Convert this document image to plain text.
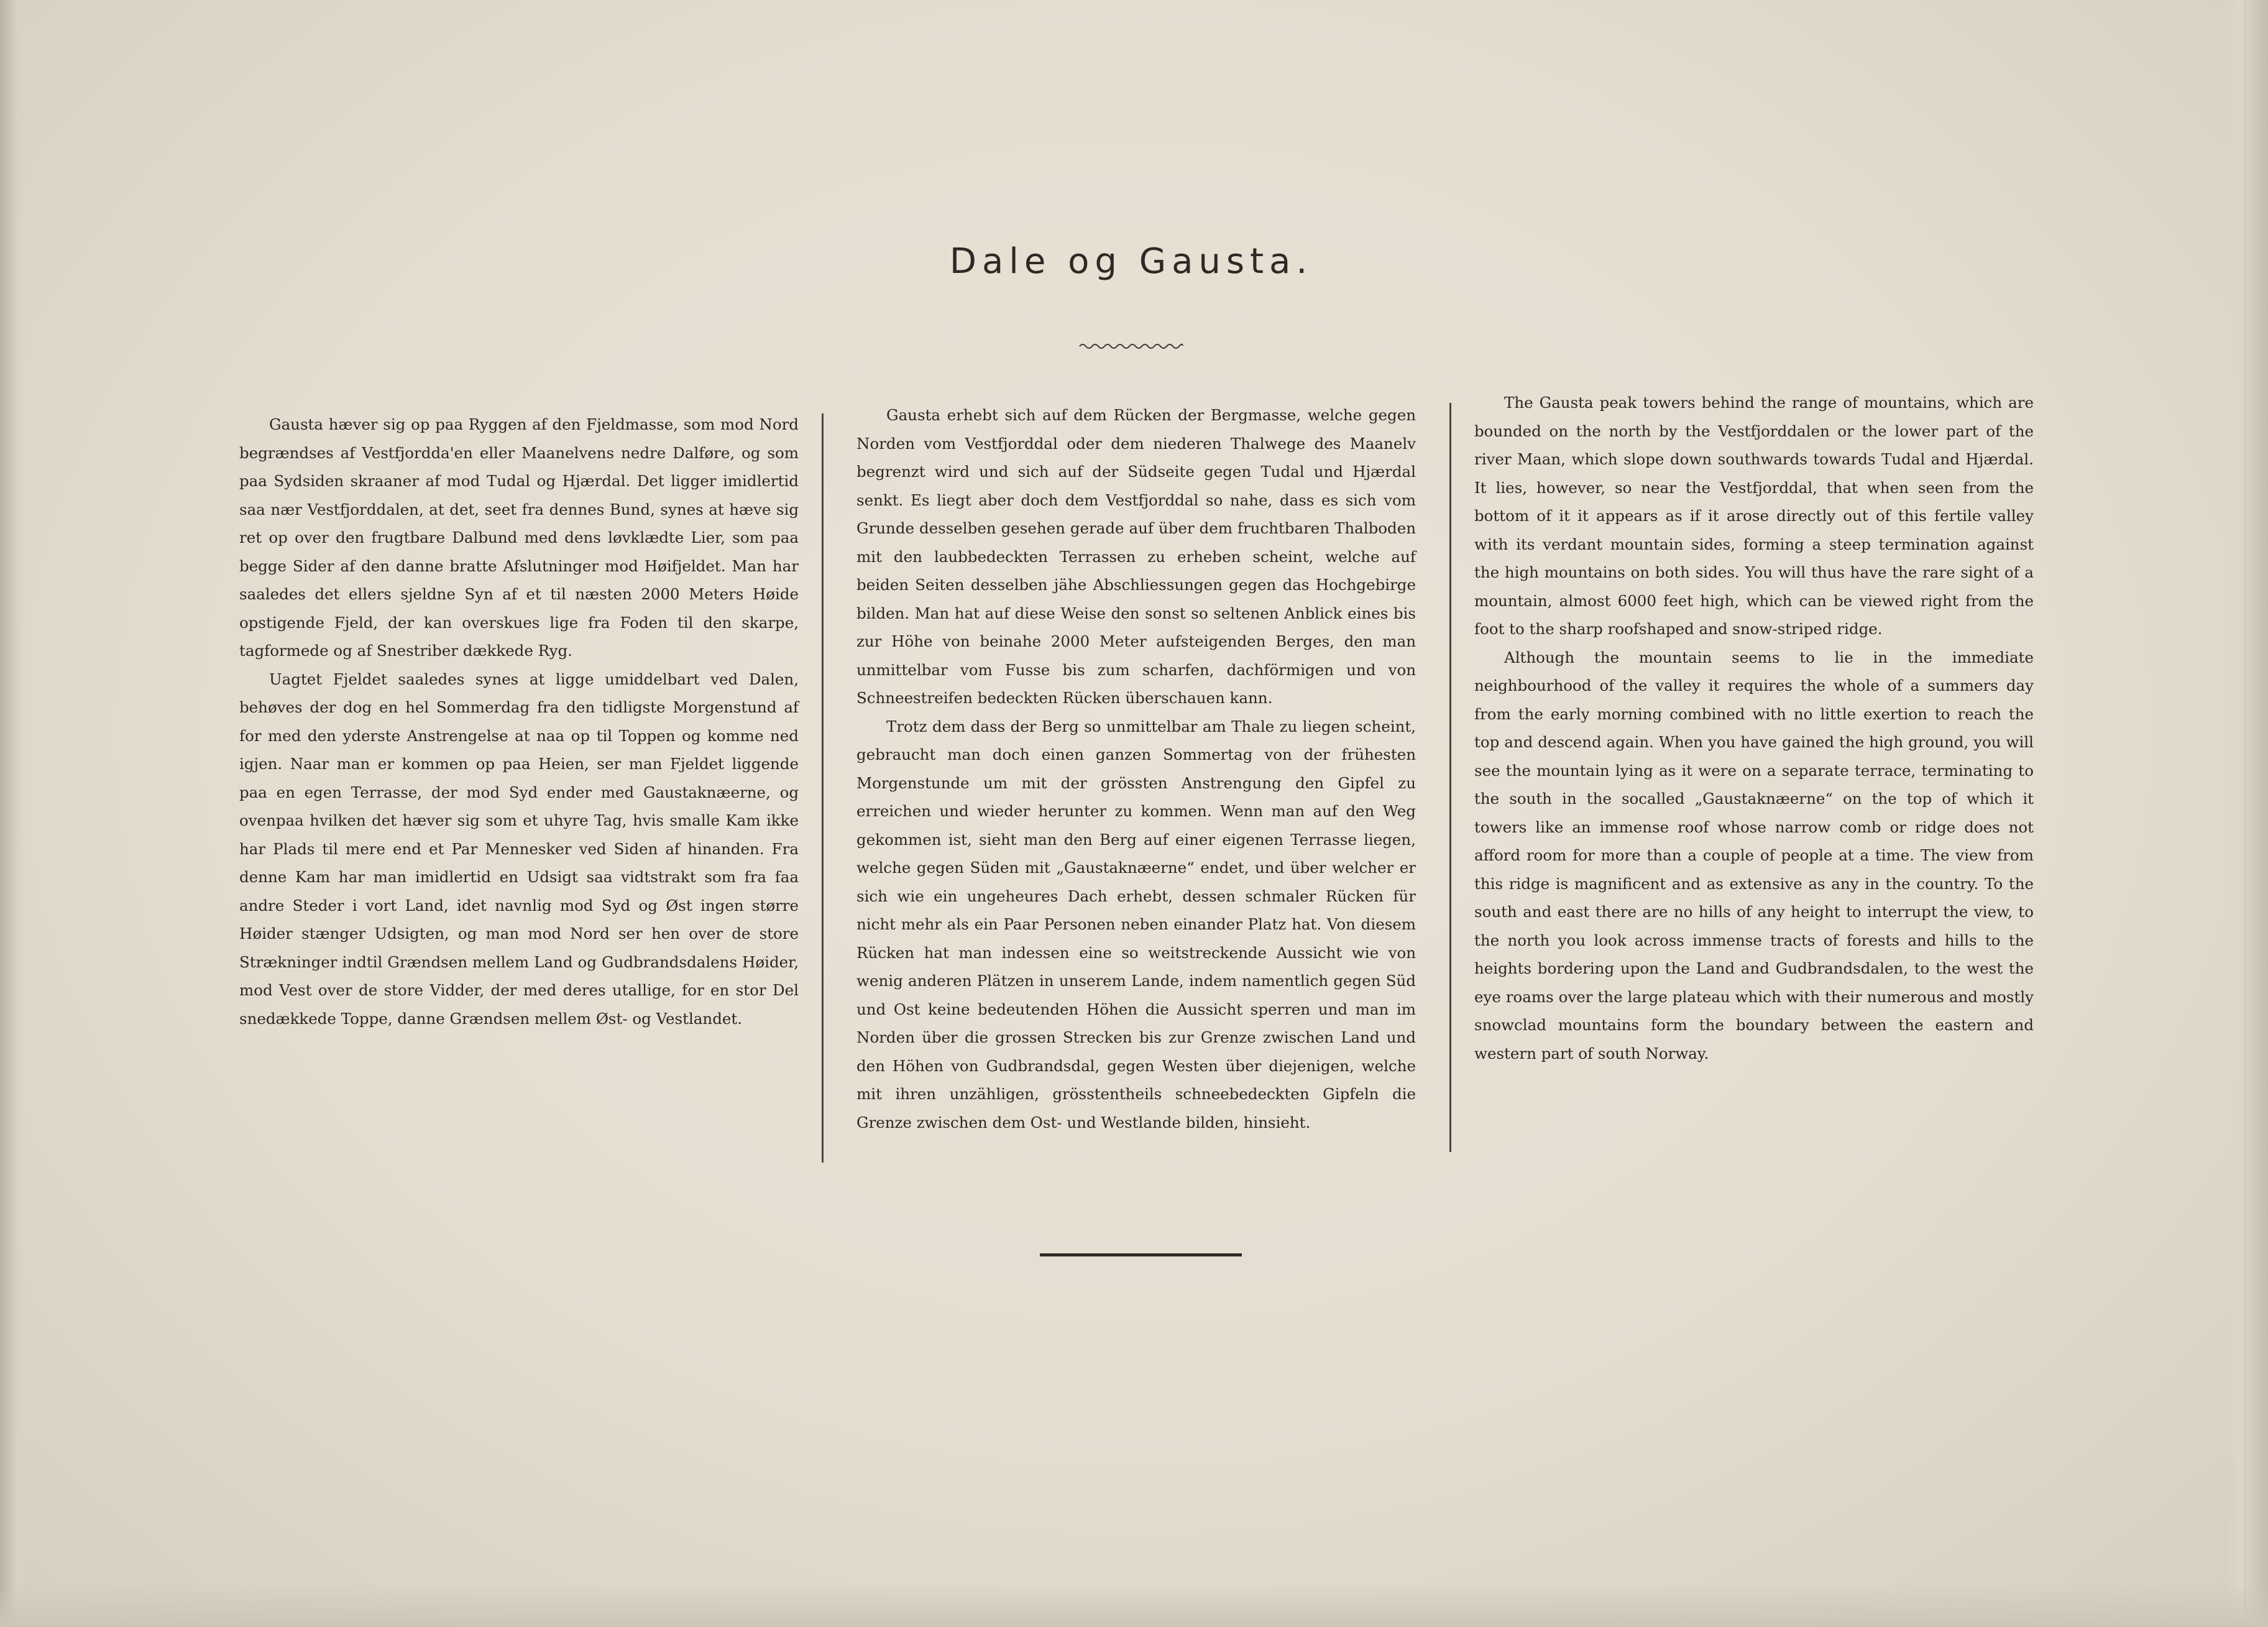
Dale og Gausta.

Gausta hæver sig op paa Ryggen af den Fjeldmasse, som mod Nord begrændses af Vestfjordda'en eller Maanelvens nedre Dalføre, og som paa Sydsiden skraaner af mod Tudal og Hjærdal. Det ligger imidlertid saa nær Vestfjorddalen, at det, seet fra dennes Bund, synes at hæve sig ret op over den frugtbare Dalbund med dens løvklædte Lier, som paa begge Sider af den danne bratte Afslutninger mod Høifjeldet. Man har saaledes det ellers sjeldne Syn af et til næsten 2000 Meters Høide opstigende Fjeld, der kan overskues lige fra Foden til den skarpe, tagformede og af Snestriber dækkede Ryg.

Uagtet Fjeldet saaledes synes at ligge umiddelbart ved Dalen, behøves der dog en hel Sommerdag fra den tidligste Morgenstund af for med den yderste Anstrengelse at naa op til Toppen og komme ned igjen. Naar man er kommen op paa Heien, ser man Fjeldet liggende paa en egen Terrasse, der mod Syd ender med Gaustaknæerne, og ovenpaa hvilken det hæver sig som et uhyre Tag, hvis smalle Kam ikke har Plads til mere end et Par Mennesker ved Siden af hinanden. Fra denne Kam har man imidlertid en Udsigt saa vidtstrakt som fra faa andre Steder i vort Land, idet navnlig mod Syd og Øst ingen større Høider stænger Udsigten, og man mod Nord ser hen over de store Strækninger indtil Grændsen mellem Land og Gudbrandsdalens Høider, mod Vest over de store Vidder, der med deres utallige, for en stor Del snedækkede Toppe, danne Grændsen mellem Øst- og Vestlandet.

Gausta erhebt sich auf dem Rücken der Bergmasse, welche gegen Norden vom Vestfjorddal oder dem niederen Thalwege des Maanelv begrenzt wird und sich auf der Südseite gegen Tudal und Hjærdal senkt. Es liegt aber doch dem Vestfjorddal so nahe, dass es sich vom Grunde desselben gesehen gerade auf über dem fruchtbaren Thalboden mit den laubbedeckten Terrassen zu erheben scheint, welche auf beiden Seiten desselben jähe Abschliessungen gegen das Hochgebirge bilden. Man hat auf diese Weise den sonst so seltenen Anblick eines bis zur Höhe von beinahe 2000 Meter aufsteigenden Berges, den man unmittelbar vom Fusse bis zum scharfen, dachförmigen und von Schneestreifen bedeckten Rücken überschauen kann.

Trotz dem dass der Berg so unmittelbar am Thale zu liegen scheint, gebraucht man doch einen ganzen Sommertag von der frühesten Morgenstunde um mit der grössten Anstrengung den Gipfel zu erreichen und wieder herunter zu kommen. Wenn man auf den Weg gekommen ist, sieht man den Berg auf einer eigenen Terrasse liegen, welche gegen Süden mit „Gaustaknæerne“ endet, und über welcher er sich wie ein ungeheures Dach erhebt, dessen schmaler Rücken für nicht mehr als ein Paar Personen neben einander Platz hat. Von diesem Rücken hat man indessen eine so weitstreckende Aussicht wie von wenig anderen Plätzen in unserem Lande, indem namentlich gegen Süd und Ost keine bedeutenden Höhen die Aussicht sperren und man im Norden über die grossen Strecken bis zur Grenze zwischen Land und den Höhen von Gudbrandsdal, gegen Westen über diejenigen, welche mit ihren unzähligen, grösstentheils schneebedeckten Gipfeln die Grenze zwischen dem Ost- und Westlande bilden, hinsieht.

The Gausta peak towers behind the range of mountains, which are bounded on the north by the Vestfjorddalen or the lower part of the river Maan, which slope down southwards towards Tudal and Hjærdal. It lies, however, so near the Vestfjorddal, that when seen from the bottom of it it appears as if it arose directly out of this fertile valley with its verdant mountain sides, forming a steep termination against the high mountains on both sides. You will thus have the rare sight of a mountain, almost 6000 feet high, which can be viewed right from the foot to the sharp roofshaped and snow-striped ridge.

Although the mountain seems to lie in the immediate neighbourhood of the valley it requires the whole of a summers day from the early morning combined with no little exertion to reach the top and descend again. When you have gained the high ground, you will see the mountain lying as it were on a separate terrace, terminating to the south in the socalled „Gaustaknæerne“ on the top of which it towers like an immense roof whose narrow comb or ridge does not afford room for more than a couple of people at a time. The view from this ridge is magnificent and as extensive as any in the country. To the south and east there are no hills of any height to interrupt the view, to the north you look across immense tracts of forests and hills to the heights bordering upon the Land and Gudbrandsdalen, to the west the eye roams over the large plateau which with their numerous and mostly snowclad mountains form the boundary between the eastern and western part of south Norway.
